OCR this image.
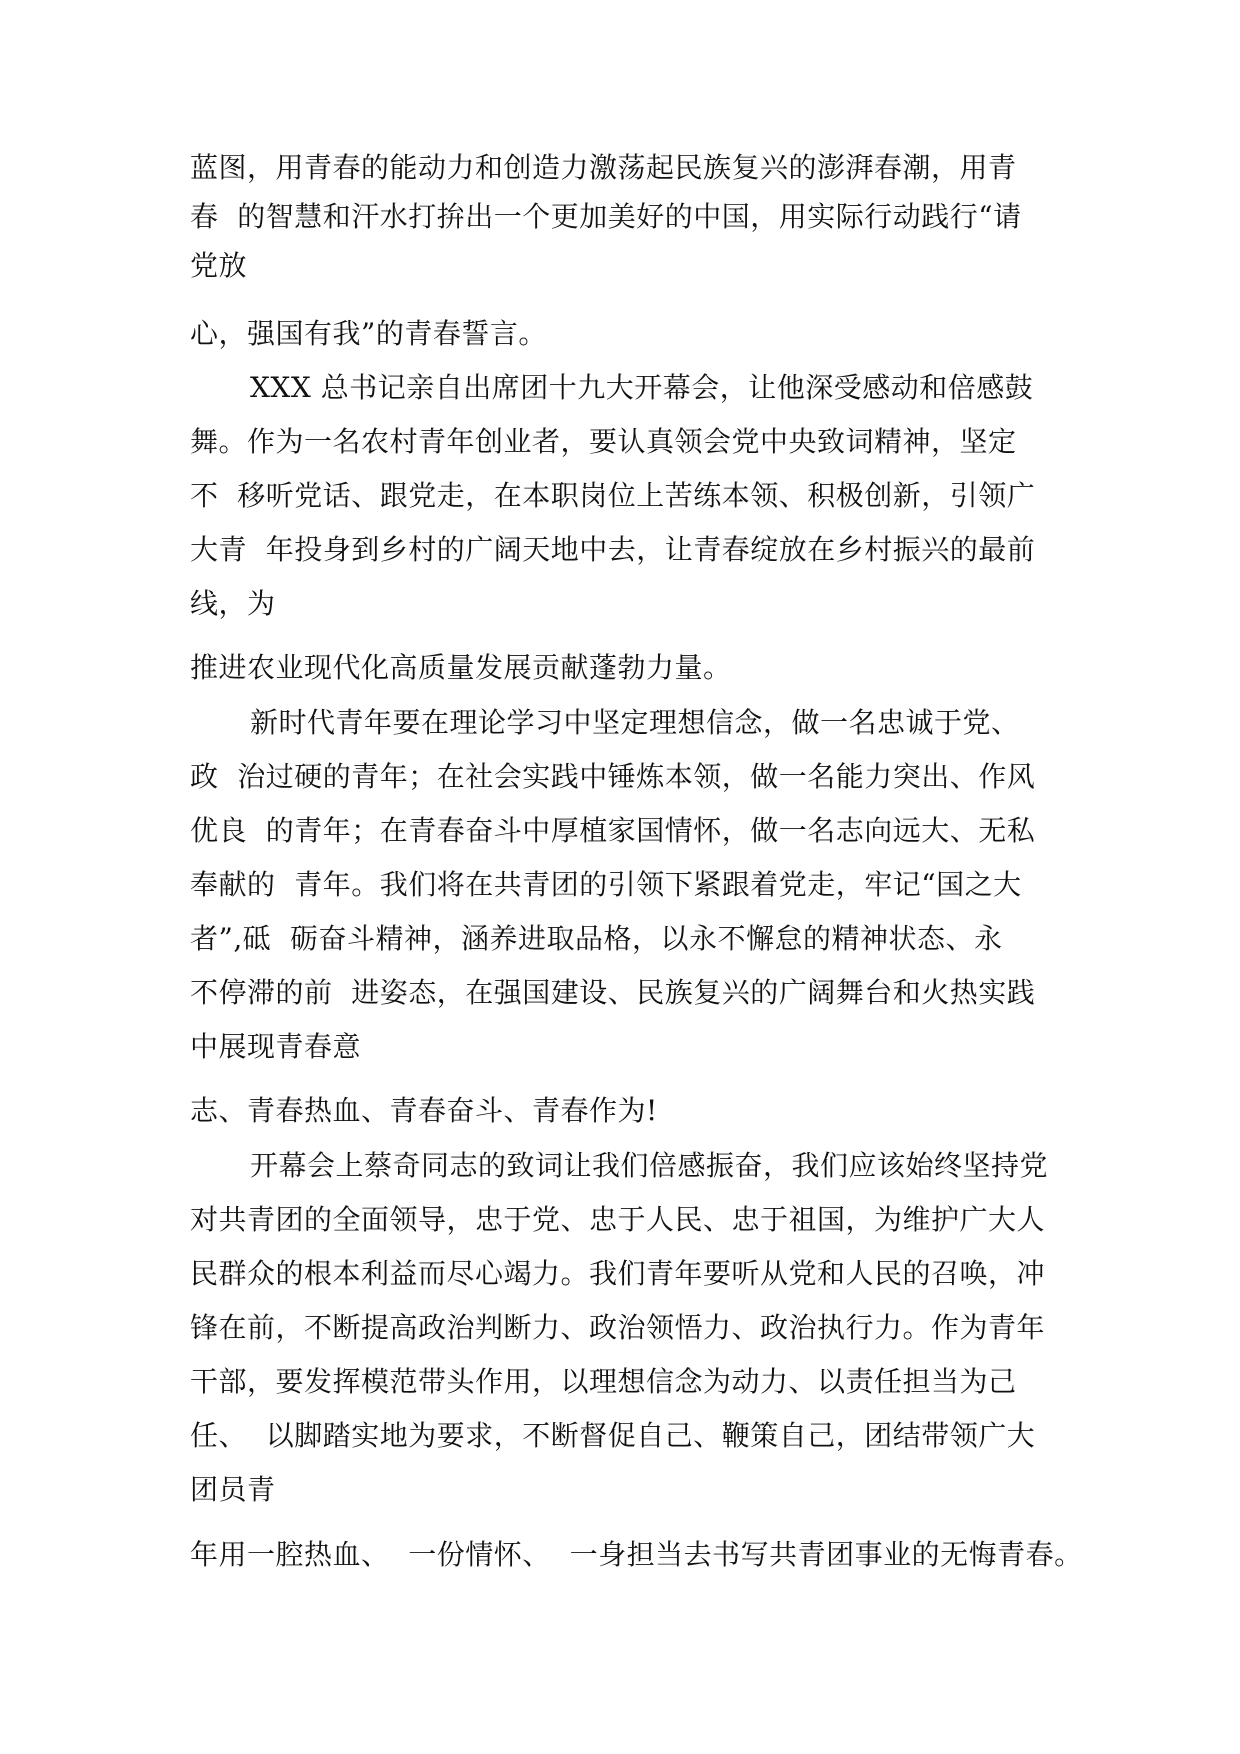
蓝图，用青春的能动力和创造力激荡起民族复兴的澎湃春潮，用青
春  的智慧和汗水打拚出一个更加美好的中国，用实际行动践行“请
党放
心，强国有我”的青春誓言。
XXX 总书记亲自出席团十九大开幕会，让他深受感动和倍感鼓
舞。作为一名农村青年创业者，要认真领会党中央致词精神，坚定
不  移听党话、跟党走，在本职岗位上苦练本领、积极创新，引领广
大青  年投身到乡村的广阔天地中去，让青春绽放在乡村振兴的最前
线，为
推进农业现代化高质量发展贡献蓬勃力量。
新时代青年要在理论学习中坚定理想信念，做一名忠诚于党、
政  治过硬的青年；在社会实践中锤炼本领，做一名能力突出、作风
优良  的青年；在青春奋斗中厚植家国情怀，做一名志向远大、无私
奉献的  青年。我们将在共青团的引领下紧跟着党走，牢记“国之大
者”,砥  砺奋斗精神，涵养进取品格，以永不懈怠的精神状态、永
不停滞的前  进姿态，在强国建设、民族复兴的广阔舞台和火热实践
中展现青春意
志、青春热血、青春奋斗、青春作为!
开幕会上蔡奇同志的致词让我们倍感振奋，我们应该始终坚持党
对共青团的全面领导，忠于党、忠于人民、忠于祖国，为维护广大人
民群众的根本利益而尽心竭力。我们青年要听从党和人民的召唤，冲
锋在前，不断提高政治判断力、政治领悟力、政治执行力。作为青年
干部，要发挥模范带头作用，以理想信念为动力、以责任担当为己
任、  以脚踏实地为要求，不断督促自己、鞭策自己，团结带领广大
团员青
年用一腔热血、  一份情怀、  一身担当去书写共青团事业的无悔青春。
